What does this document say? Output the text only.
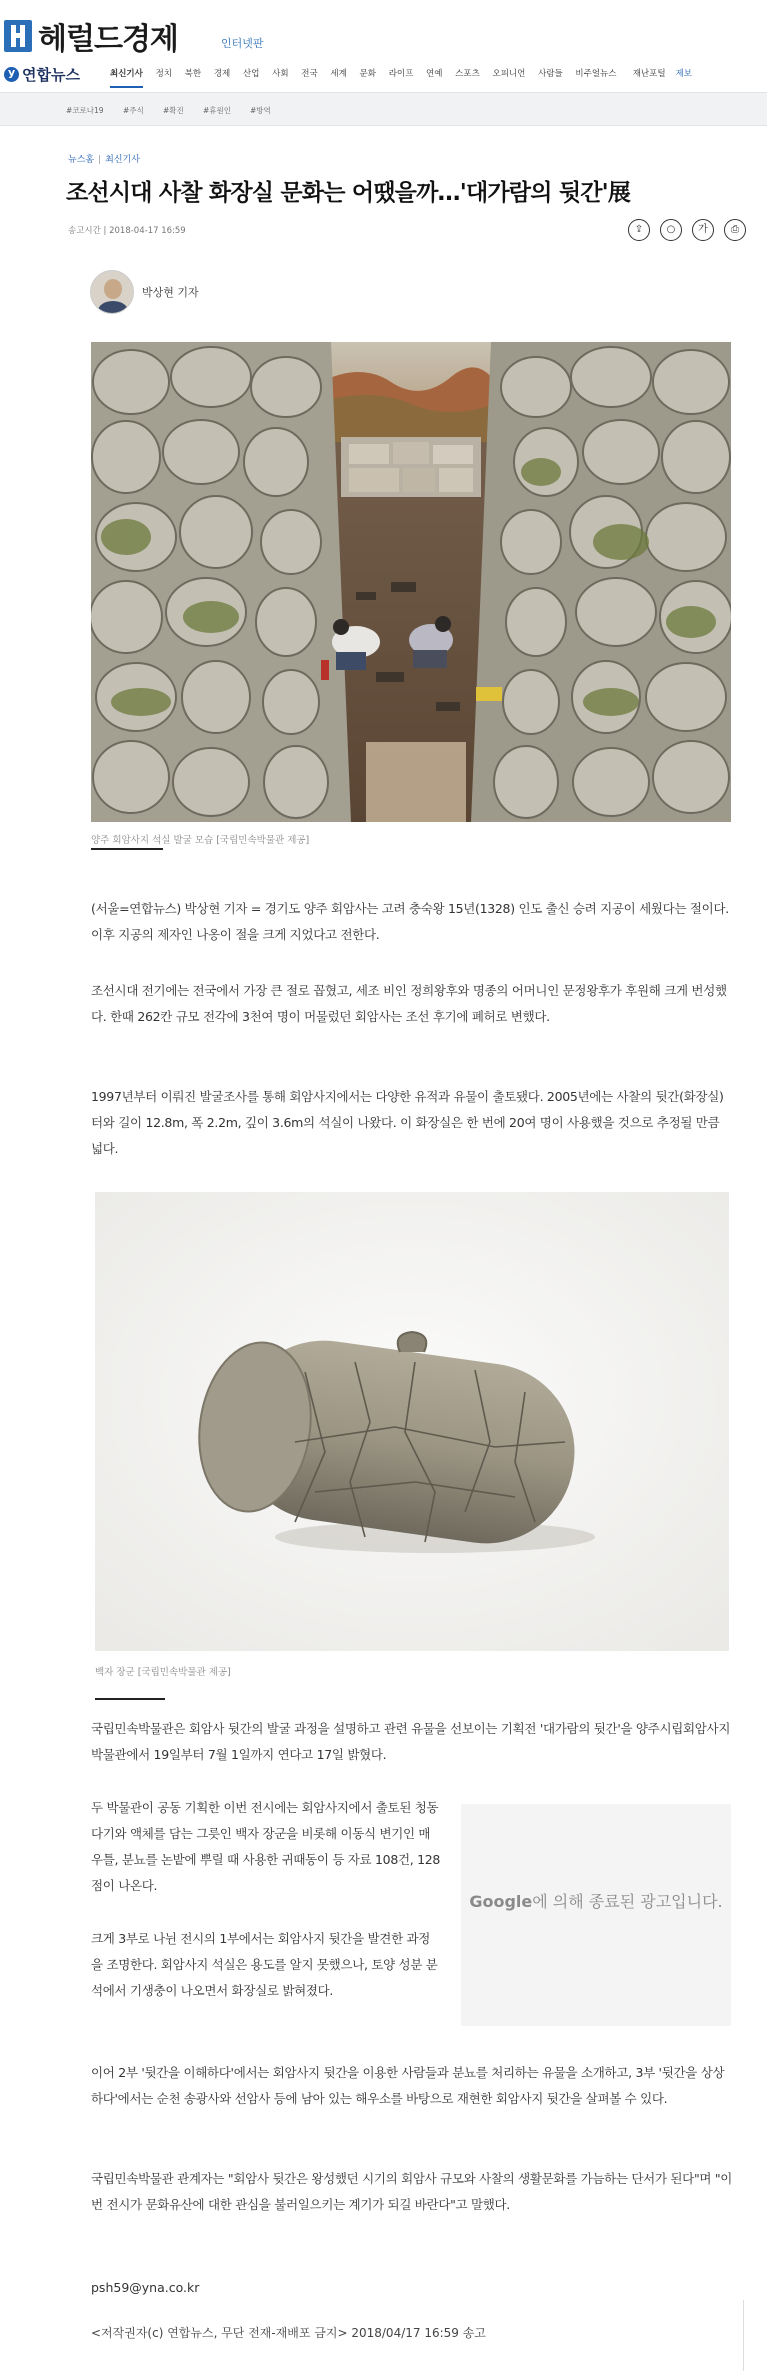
헤럴드경제	인터넷판
y연합뉴스	최신기사 정치 북한 경제 산업 사회 전국 세계 문화 라이프 연예 스포츠 오피니언 사람들 비주얼뉴스	재난포털 제보
#코로나19	#주식	#확진	#휴원인	#방역
뉴스홈 | 최신기사
조선시대 사찰 화장실 문화는 어땠을까…'대가람의 뒷간'展
송고시간 | 2018-04-17 16:59	⇪	○	가	⎙
박상현 기자
양주 회암사지 석실 발굴 모습 [국립민속박물관 제공]
(서울=연합뉴스) 박상현 기자 = 경기도 양주 회암사는 고려 충숙왕 15년(1328) 인도 출신 승려 지공이 세웠다는 절이다. 이후 지공의 제자인 나옹이 절을 크게 지었다고 전한다.
조선시대 전기에는 전국에서 가장 큰 절로 꼽혔고, 세조 비인 정희왕후와 명종의 어머니인 문정왕후가 후원해 크게 번성했다. 한때 262칸 규모 전각에 3천여 명이 머물렀던 회암사는 조선 후기에 폐허로 변했다.
1997년부터 이뤄진 발굴조사를 통해 회암사지에서는 다양한 유적과 유물이 출토됐다. 2005년에는 사찰의 뒷간(화장실) 터와 길이 12.8m, 폭 2.2m, 깊이 3.6m의 석실이 나왔다. 이 화장실은 한 번에 20여 명이 사용했을 것으로 추정될 만큼 넓다.
백자 장군 [국립민속박물관 제공]
국립민속박물관은 회암사 뒷간의 발굴 과정을 설명하고 관련 유물을 선보이는 기획전 '대가람의 뒷간'을 양주시립회암사지박물관에서 19일부터 7월 1일까지 연다고 17일 밝혔다.
두 박물관이 공동 기획한 이번 전시에는 회암사지에서 출토된 청동 다기와 액체를 담는 그릇인 백자 장군을 비롯해 이동식 변기인 매우틀, 분뇨를 논밭에 뿌릴 때 사용한 귀때동이 등 자료 108건, 128점이 나온다.
Google에 의해 종료된 광고입니다.
크게 3부로 나뉜 전시의 1부에서는 회암사지 뒷간을 발견한 과정을 조명한다. 회암사지 석실은 용도를 알지 못했으나, 토양 성분 분석에서 기생충이 나오면서 화장실로 밝혀졌다.
이어 2부 '뒷간을 이해하다'에서는 회암사지 뒷간을 이용한 사람들과 분뇨를 처리하는 유물을 소개하고, 3부 '뒷간을 상상하다'에서는 순천 송광사와 선암사 등에 남아 있는 해우소를 바탕으로 재현한 회암사지 뒷간을 살펴볼 수 있다.
국립민속박물관 관계자는 "회암사 뒷간은 왕성했던 시기의 회암사 규모와 사찰의 생활문화를 가늠하는 단서가 된다"며 "이번 전시가 문화유산에 대한 관심을 불러일으키는 계기가 되길 바란다"고 말했다.
psh59@yna.co.kr
<저작권자(c) 연합뉴스, 무단 전재-재배포 금지> 2018/04/17 16:59 송고
